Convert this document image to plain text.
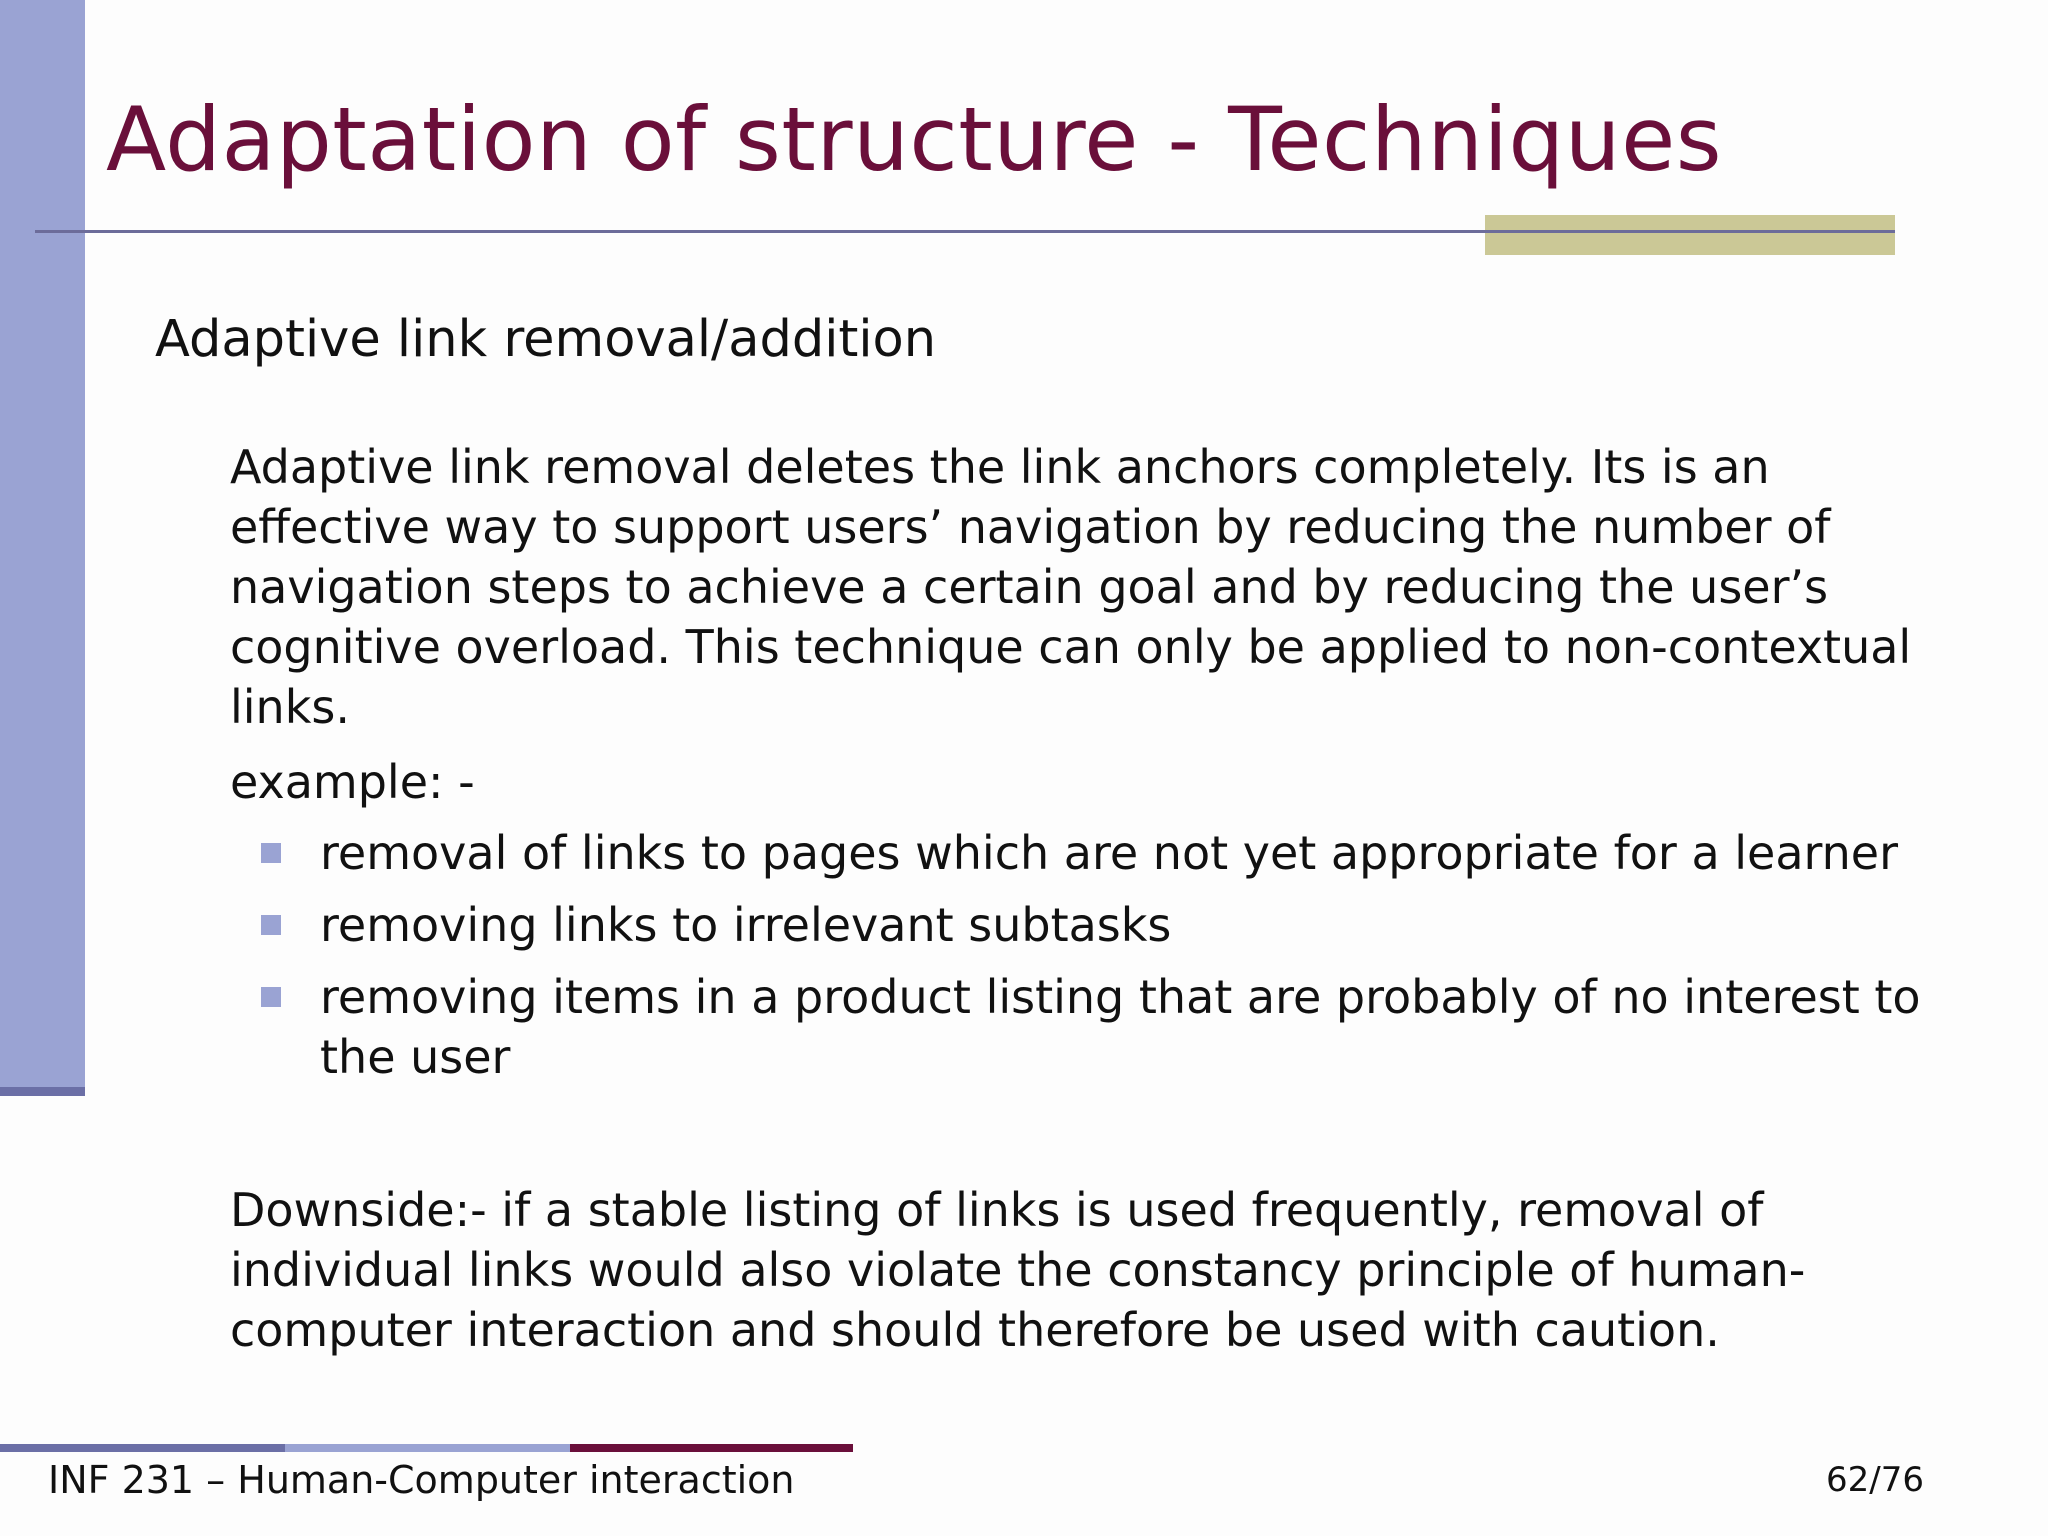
Adaptation of structure - Techniques
Adaptive link removal/addition

Adaptive link removal deletes the link anchors completely. Its is an effective way to support users’ navigation by reducing the number of navigation steps to achieve a certain goal and by reducing the user’s cognitive overload. This technique can only be applied to non-contextual links.

example: -

removal of links to pages which are not yet appropriate for a learner
removing links to irrelevant subtasks
removing items in a product listing that are probably of no interest to the user

Downside:- if a stable listing of links is used frequently, removal of individual links would also violate the constancy principle of human-computer interaction and should therefore be used with caution.

INF 231 – Human-Computer interaction	62/76
